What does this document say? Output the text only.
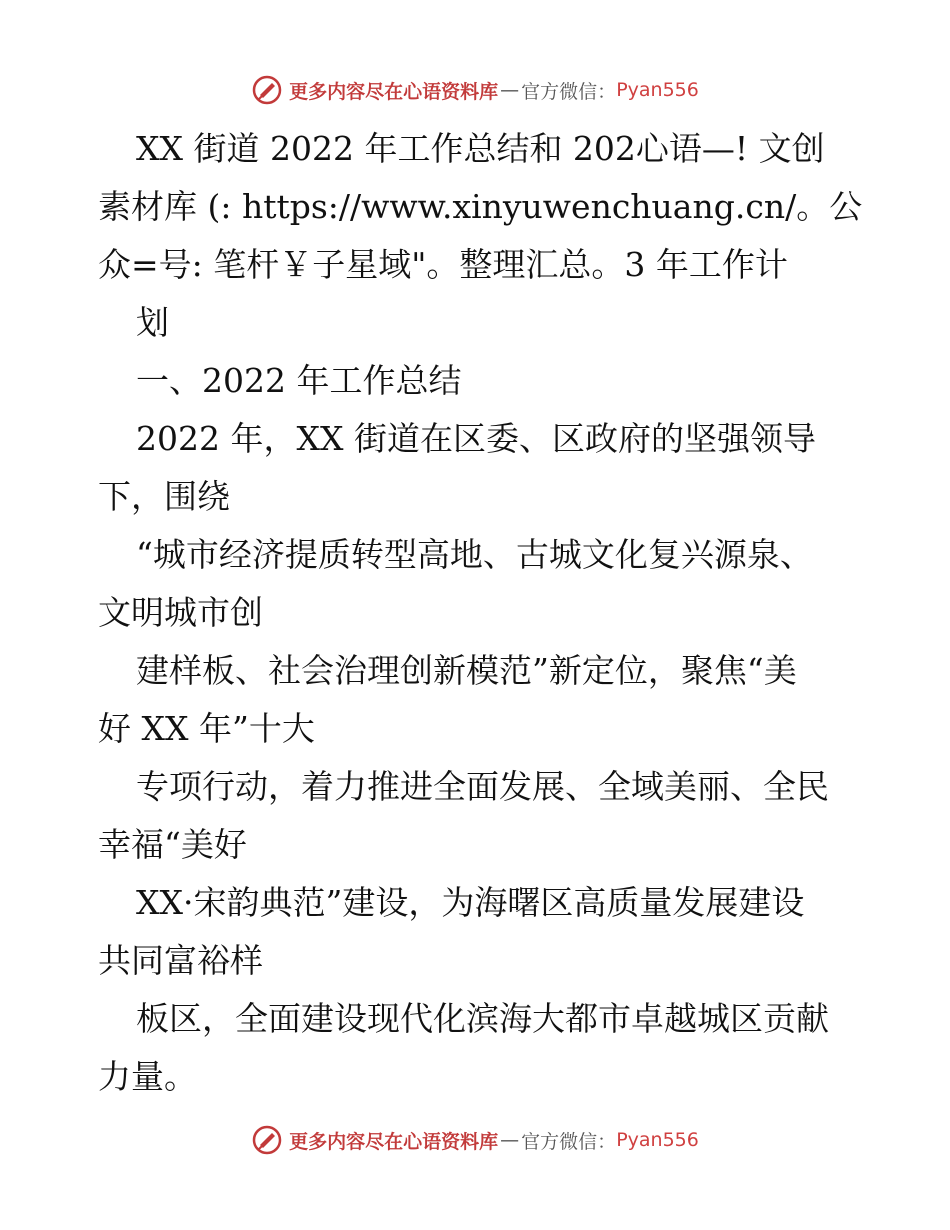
更多内容尽在心语资料库 — 官方微信： Pyan556
XX 街道 2022 年工作总结和 202心语—! 文创
素材库 (: https://www.xinyuwenchuang.cn/。公
众=号: 笔杆￥子星域"。整理汇总。3 年工作计
划
一、2022 年工作总结
2022 年，XX 街道在区委、区政府的坚强领导
下，围绕
“城市经济提质转型高地、古城文化复兴源泉、
文明城市创
建样板、社会治理创新模范”新定位，聚焦“美
好 XX 年”十大
专项行动，着力推进全面发展、全域美丽、全民
幸福“美好
XX·宋韵典范”建设，为海曙区高质量发展建设
共同富裕样
板区，全面建设现代化滨海大都市卓越城区贡献
力量。
更多内容尽在心语资料库 — 官方微信： Pyan556
